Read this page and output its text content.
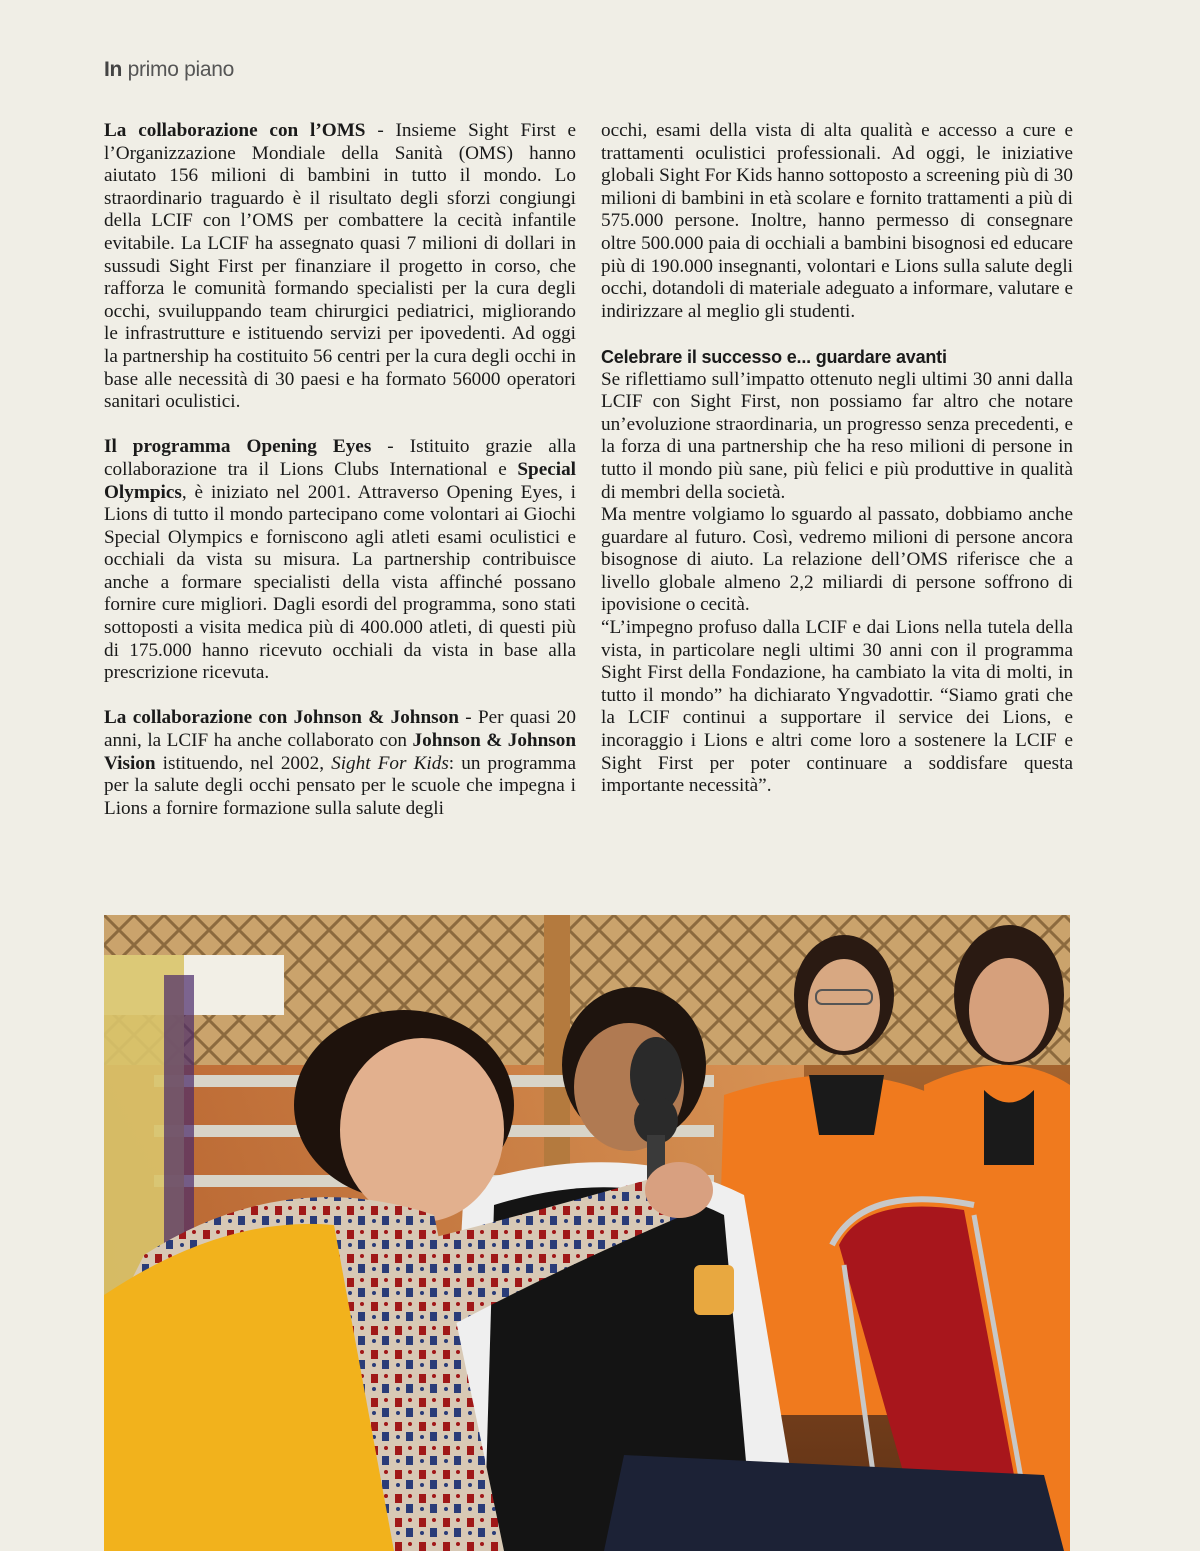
In primo piano

La collaborazione con l’OMS - Insieme Sight First e l’Organizzazione Mondiale della Sanità (OMS) hanno aiutato 156 milioni di bambini in tutto il mondo. Lo straordinario traguardo è il risultato degli sforzi congiungi della LCIF con l’OMS per combattere la cecità infantile evitabile. La LCIF ha assegnato quasi 7 milioni di dollari in sussudi Sight First per finanziare il progetto in corso, che rafforza le comunità formando specialisti per la cura degli occhi, svuiluppando team chirurgici pediatrici, migliorando le infrastrutture e istituendo servizi per ipovedenti. Ad oggi la partnership ha costituito 56 centri per la cura degli occhi in base alle necessità di 30 paesi e ha formato 56000 operatori sanitari oculistici.

Il programma Opening Eyes - Istituito grazie alla collaborazione tra il Lions Clubs International e Special Olympics, è iniziato nel 2001. Attraverso Opening Eyes, i Lions di tutto il mondo partecipano come volontari ai Giochi Special Olympics e forniscono agli atleti esami oculistici e occhiali da vista su misura. La partnership contribuisce anche a formare specialisti della vista affinché possano fornire cure migliori. Dagli esordi del programma, sono stati sottoposti a visita medica più di 400.000 atleti, di questi più di 175.000 hanno ricevuto occhiali da vista in base alla prescrizione ricevuta.

La collaborazione con Johnson & Johnson - Per quasi 20 anni, la LCIF ha anche collaborato con Johnson & Johnson Vision istituendo, nel 2002, Sight For Kids: un programma per la salute degli occhi pensato per le scuole che impegna i Lions a fornire formazione sulla salute degli

occhi, esami della vista di alta qualità e accesso a cure e trattamenti oculistici professionali. Ad oggi, le iniziative globali Sight For Kids hanno sottoposto a screening più di 30 milioni di bambini in età scolare e fornito trattamenti a più di 575.000 persone. Inoltre, hanno permesso di consegnare oltre 500.000 paia di occhiali a bambini bisognosi ed educare più di 190.000 insegnanti, volontari e Lions sulla salute degli occhi, dotandoli di materiale adeguato a informare, valutare e indirizzare al meglio gli studenti.

Celebrare il successo e... guardare avanti

Se riflettiamo sull’impatto ottenuto negli ultimi 30 anni dalla LCIF con Sight First, non possiamo far altro che notare un’evoluzione straordinaria, un progresso senza precedenti, e la forza di una partnership che ha reso milioni di persone in tutto il mondo più sane, più felici e più produttive in qualità di membri della società.

Ma mentre volgiamo lo sguardo al passato, dobbiamo anche guardare al futuro. Così, vedremo milioni di persone ancora bisognose di aiuto. La relazione dell’OMS riferisce che a livello globale almeno 2,2 miliardi di persone soffrono di ipovisione o cecità.

“L’impegno profuso dalla LCIF e dai Lions nella tutela della vista, in particolare negli ultimi 30 anni con il programma Sight First della Fondazione, ha cambiato la vita di molti, in tutto il mondo” ha dichiarato Yngvadottir. “Siamo grati che la LCIF continui a supportare il service dei Lions, e incoraggio i Lions e altri come loro a sostenere la LCIF e Sight First per poter continuare a soddisfare questa importante necessità”.
